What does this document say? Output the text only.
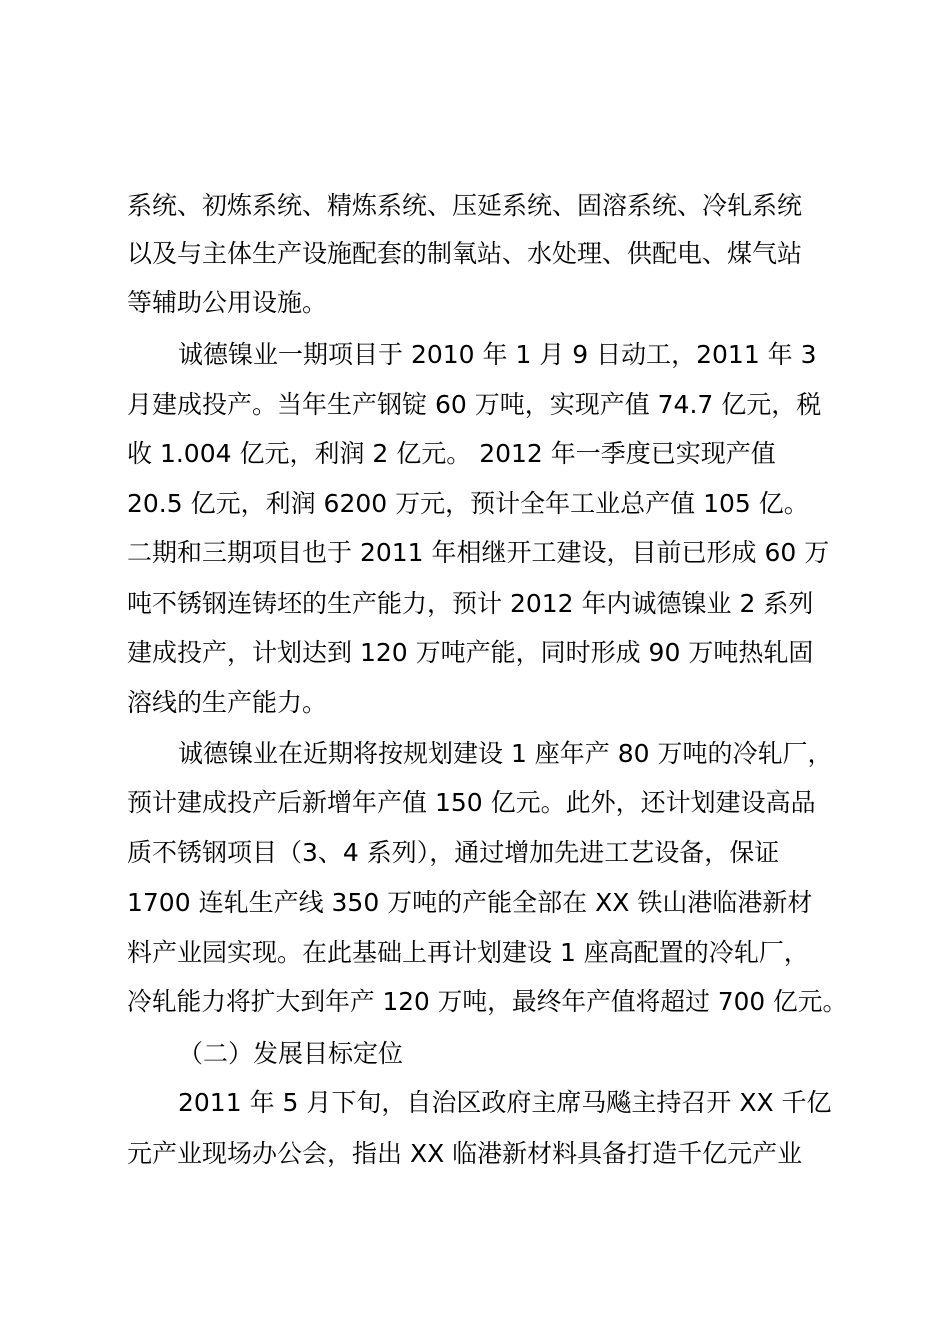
系统、初炼系统、精炼系统、压延系统、固溶系统、冷轧系统
以及与主体生产设施配套的制氧站、水处理、供配电、煤气站
等辅助公用设施。
诚德镍业一期项目于 2010 年 1 月 9 日动工，2011 年 3
月建成投产。当年生产钢锭 60 万吨，实现产值 74.7 亿元，税
收 1.004 亿元，利润 2 亿元。 2012 年一季度已实现产值
20.5 亿元，利润 6200 万元，预计全年工业总产值 105 亿。
二期和三期项目也于 2011 年相继开工建设，目前已形成 60 万
吨不锈钢连铸坯的生产能力，预计 2012 年内诚德镍业 2 系列
建成投产，计划达到 120 万吨产能，同时形成 90 万吨热轧固
溶线的生产能力。
诚德镍业在近期将按规划建设 1 座年产 80 万吨的冷轧厂，
预计建成投产后新增年产值 150 亿元。此外，还计划建设高品
质不锈钢项目（3、4 系列），通过增加先进工艺设备，保证
1700 连轧生产线 350 万吨的产能全部在 XX 铁山港临港新材
料产业园实现。在此基础上再计划建设 1 座高配置的冷轧厂，
冷轧能力将扩大到年产 120 万吨，最终年产值将超过 700 亿元。
（二）发展目标定位
2011 年 5 月下旬，自治区政府主席马飚主持召开 XX 千亿
元产业现场办公会，指出 XX 临港新材料具备打造千亿元产业
